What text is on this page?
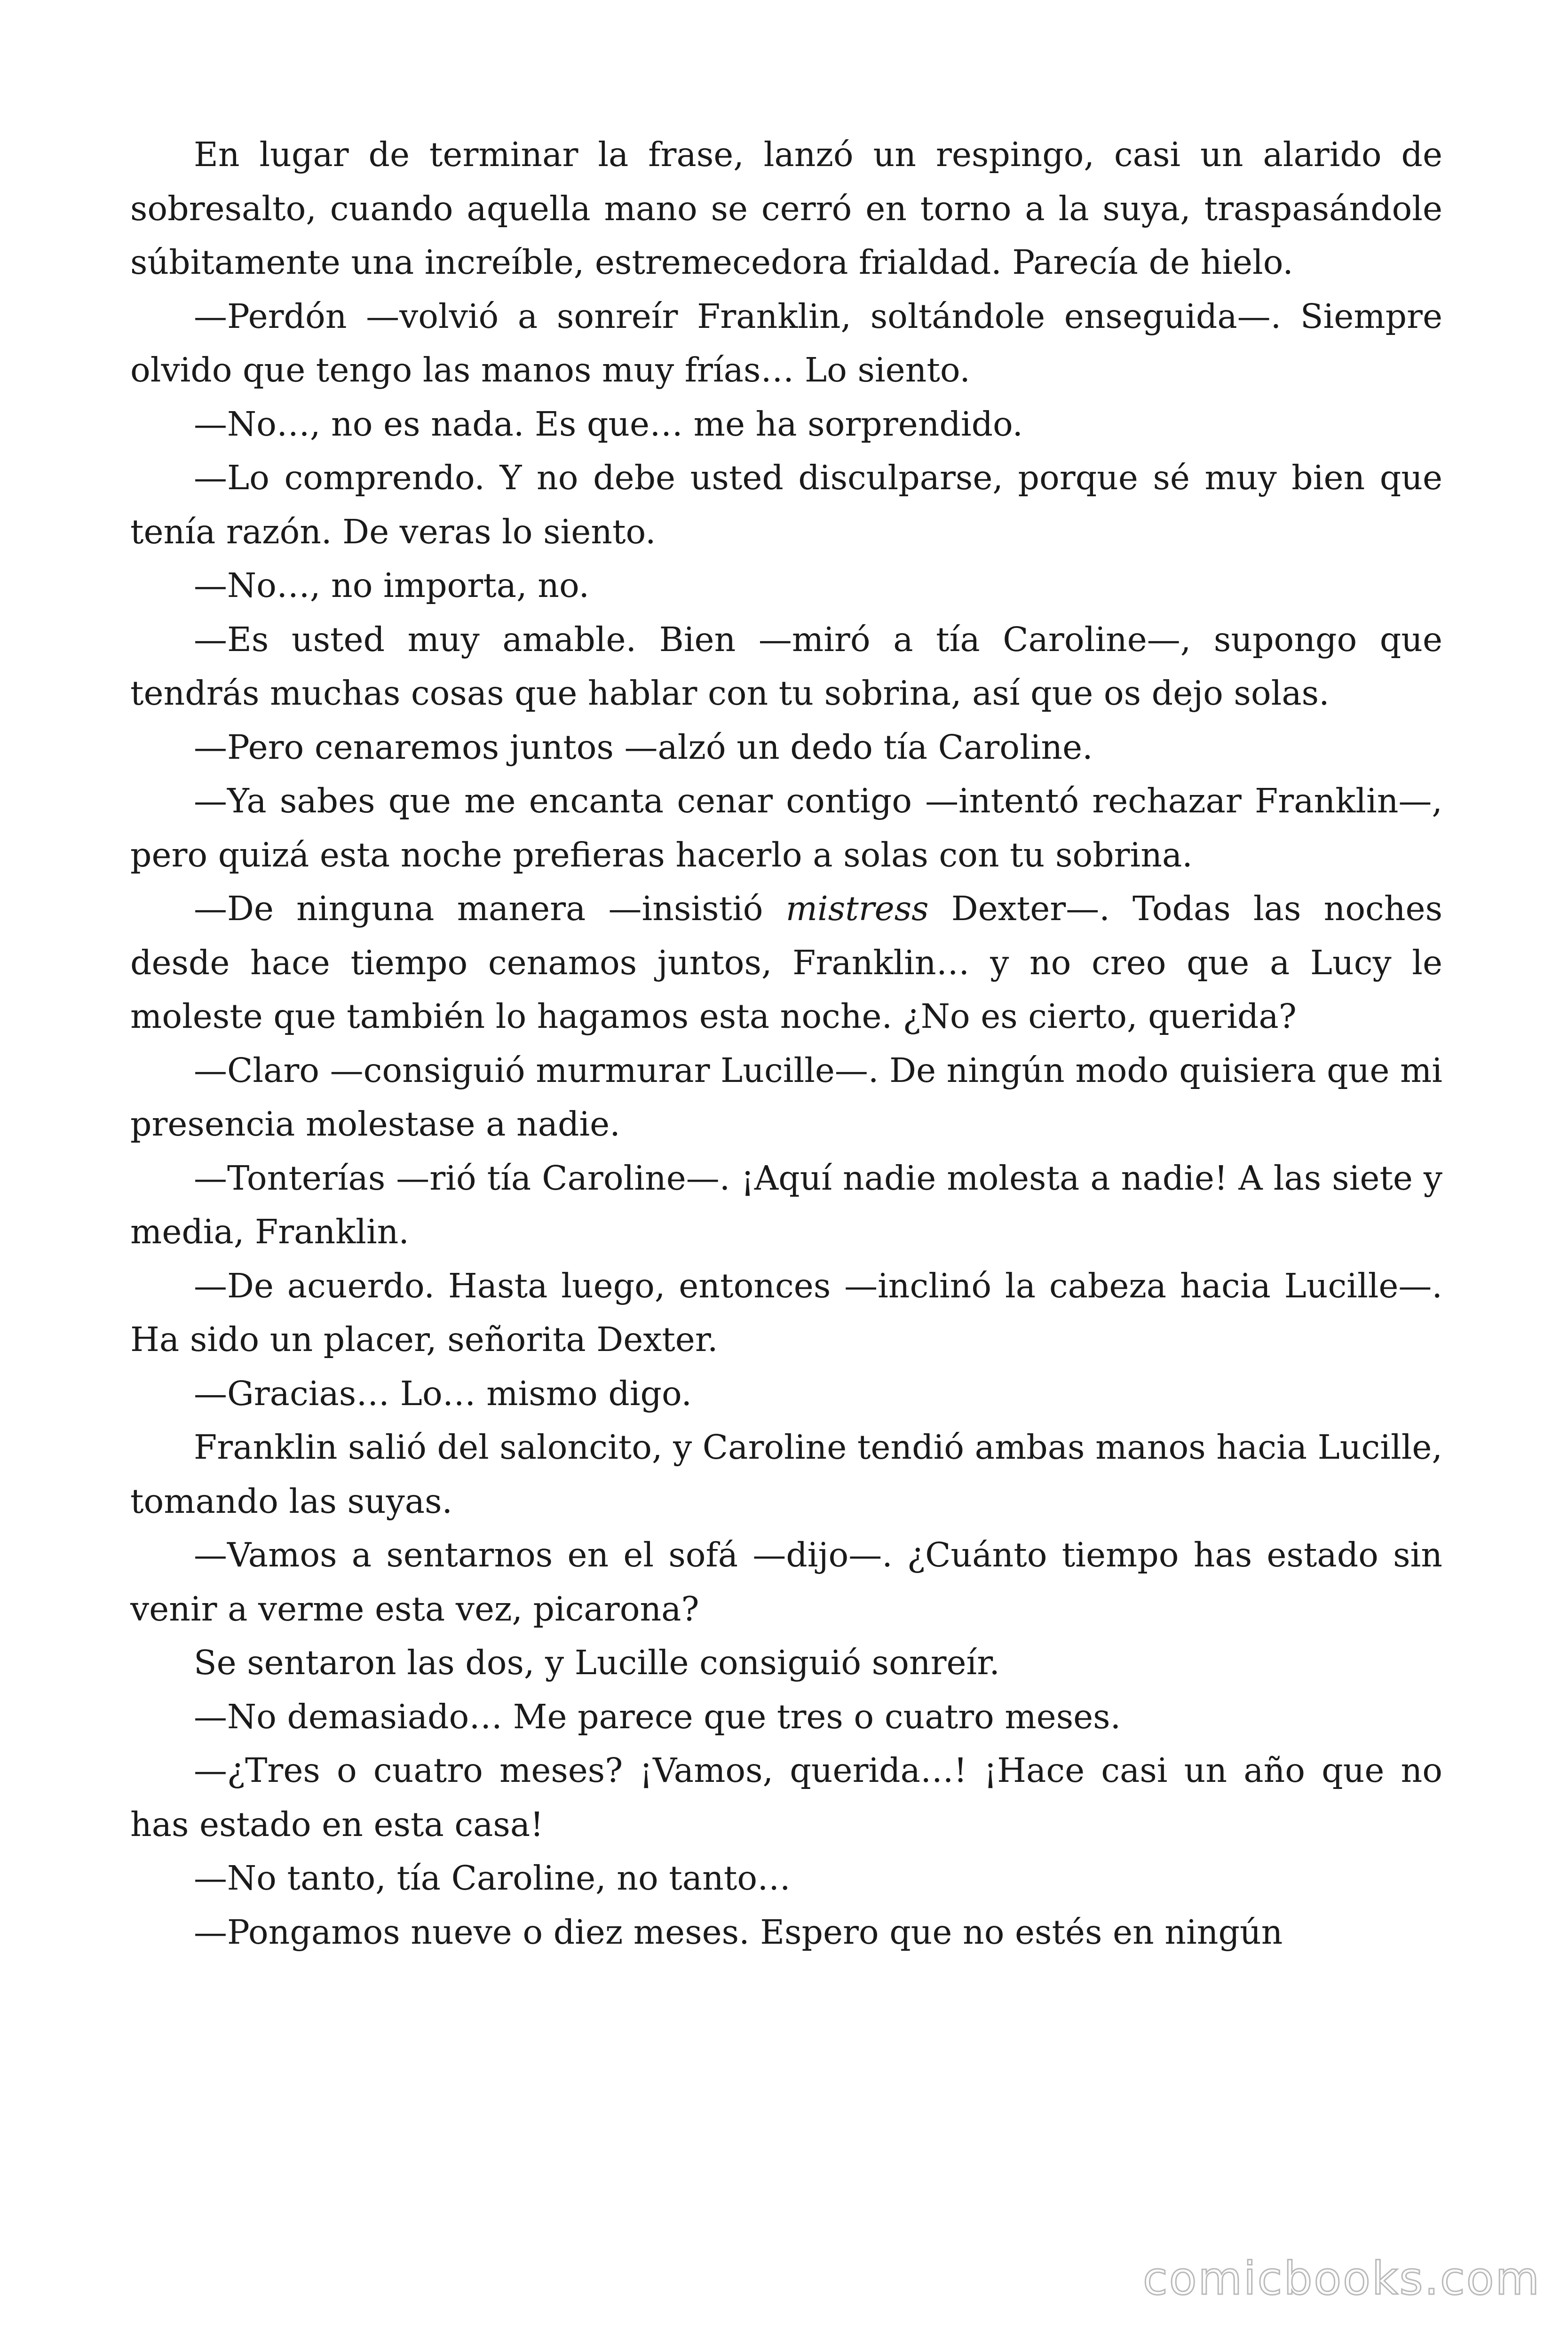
En lugar de terminar la frase, lanzó un respingo, casi un alarido de sobresalto, cuando aquella mano se cerró en torno a la suya, traspasándole súbitamente una increíble, estremecedora frialdad. Parecía de hielo.

—Perdón —volvió a sonreír Franklin, soltándole enseguida—. Siempre olvido que tengo las manos muy frías… Lo siento.

—No…, no es nada. Es que… me ha sorprendido.

—Lo comprendo. Y no debe usted disculparse, porque sé muy bien que tenía razón. De veras lo siento.

—No…, no importa, no.

—Es usted muy amable. Bien —miró a tía Caroline—, supongo que tendrás muchas cosas que hablar con tu sobrina, así que os dejo solas.

—Pero cenaremos juntos —alzó un dedo tía Caroline.

—Ya sabes que me encanta cenar contigo —intentó rechazar Franklin—, pero quizá esta noche prefieras hacerlo a solas con tu sobrina.

—De ninguna manera —insistió mistress Dexter—. Todas las noches desde hace tiempo cenamos juntos, Franklin… y no creo que a Lucy le moleste que también lo hagamos esta noche. ¿No es cierto, querida?

—Claro —consiguió murmurar Lucille—. De ningún modo quisiera que mi presencia molestase a nadie.

—Tonterías —rió tía Caroline—. ¡Aquí nadie molesta a nadie! A las siete y media, Franklin.

—De acuerdo. Hasta luego, entonces —inclinó la cabeza hacia Lucille—. Ha sido un placer, señorita Dexter.

—Gracias… Lo… mismo digo.

Franklin salió del saloncito, y Caroline tendió ambas manos hacia Lucille, tomando las suyas.

—Vamos a sentarnos en el sofá —dijo—. ¿Cuánto tiempo has estado sin venir a verme esta vez, picarona?

Se sentaron las dos, y Lucille consiguió sonreír.

—No demasiado… Me parece que tres o cuatro meses.

—¿Tres o cuatro meses? ¡Vamos, querida…! ¡Hace casi un año que no has estado en esta casa!

—No tanto, tía Caroline, no tanto…

—Pongamos nueve o diez meses. Espero que no estés en ningún

comicbooks.com
